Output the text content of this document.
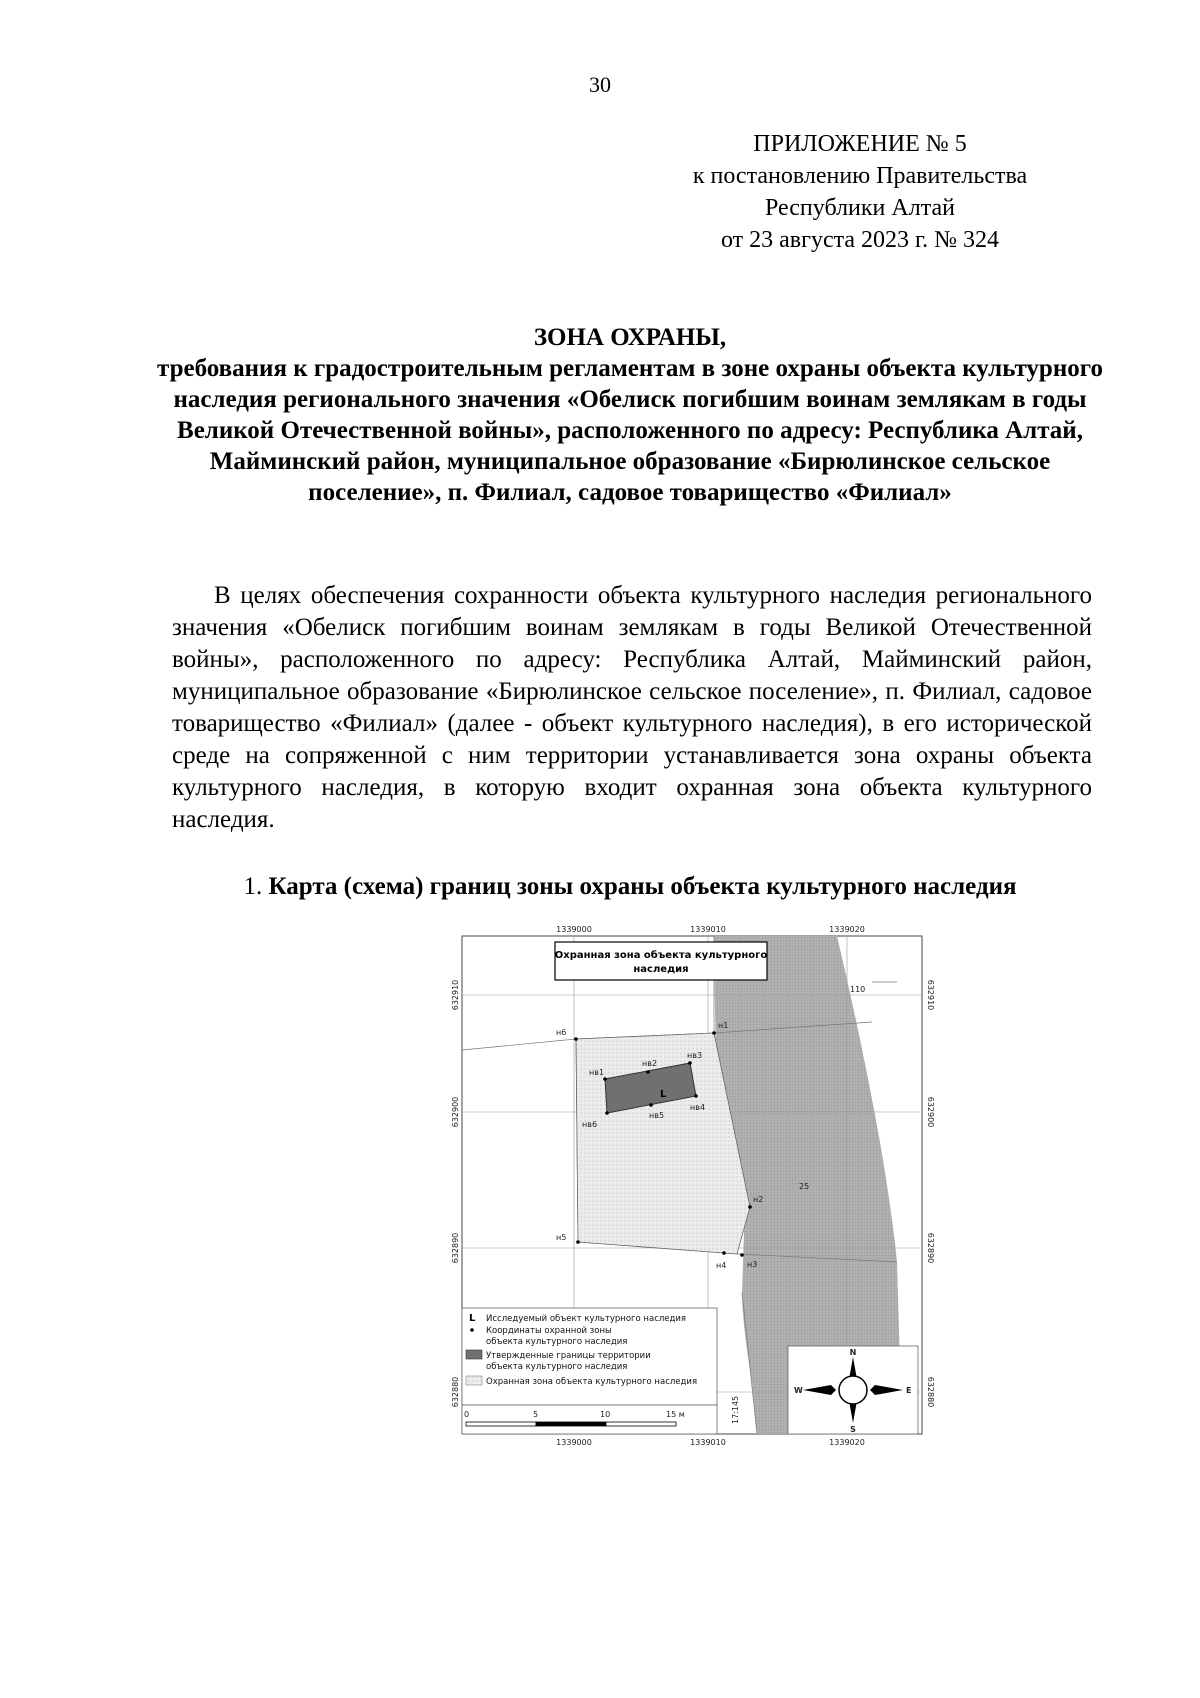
30
ПРИЛОЖЕНИЕ № 5
к постановлению Правительства
Республики Алтай
от 23 августа 2023 г. № 324
ЗОНА ОХРАНЫ,
требования к градостроительным регламентам в зоне охраны объекта культурного наследия регионального значения «Обелиск погибшим воинам землякам в годы Великой Отечественной войны», расположенного по адресу: Республика Алтай, Майминский район, муниципальное образование «Бирюлинское сельское поселение», п. Филиал, садовое товарищество «Филиал»

В целях обеспечения сохранности объекта культурного наследия регионального значения «Обелиск погибшим воинам землякам в годы Великой Отечественной войны», расположенного по адресу: Республика Алтай, Майминский район, муниципальное образование «Бирюлинское сельское поселение», п. Филиал, садовое товарищество «Филиал» (далее - объект культурного наследия), в его исторической среде на сопряженной с ним территории устанавливается зона охраны объекта культурного наследия, в которую входит охранная зона объекта культурного наследия.

1. Карта (схема) границ зоны охраны объекта культурного наследия
L
н1
н2
н3
н4
н5
н6
нв1
нв2
нв3
нв4
нв5
нв6
110
25
17:145
Охранная зона объекта культурного
наследия
1339000	1339010	1339020
1339000	1339010	1339020
632910
632900
632890
632880
632910
632900
632890
632880
L Исследуемый объект культурного наследия
Координаты охранной зоны
объекта культурного наследия
Утвержденные границы территории
объекта культурного наследия
Охранная зона объекта культурного наследия
0	5	10	15 м
N
S
W	E
